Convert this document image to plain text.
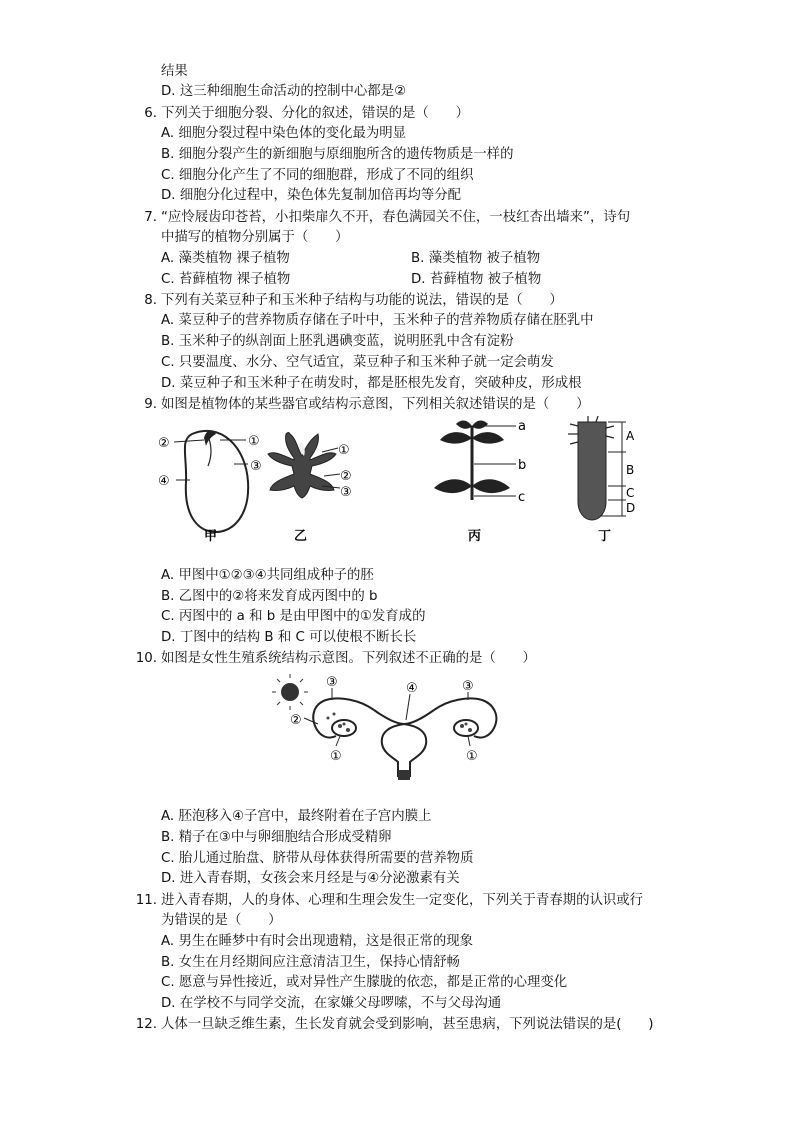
结果
D. 这三种细胞生命活动的控制中心都是②
6. 下列关于细胞分裂、分化的叙述，错误的是（　　）
A. 细胞分裂过程中染色体的变化最为明显
B. 细胞分裂产生的新细胞与原细胞所含的遗传物质是一样的
C. 细胞分化产生了不同的细胞群，形成了不同的组织
D. 细胞分化过程中，染色体先复制加倍再均等分配
7. “应怜屐齿印苍苔，小扣柴扉久不开，春色满园关不住，一枝红杏出墙来”，诗句
中描写的植物分别属于（　　）
A. 藻类植物 裸子植物	B. 藻类植物 被子植物
C. 苔藓植物 裸子植物	D. 苔藓植物 被子植物
8. 下列有关菜豆种子和玉米种子结构与功能的说法，错误的是（　　）
A. 菜豆种子的营养物质存储在子叶中，玉米种子的营养物质存储在胚乳中
B. 玉米种子的纵剖面上胚乳遇碘变蓝，说明胚乳中含有淀粉
C. 只要温度、水分、空气适宜，菜豆种子和玉米种子就一定会萌发
D. 菜豆种子和玉米种子在萌发时，都是胚根先发育，突破种皮，形成根
9. 如图是植物体的某些器官或结构示意图，下列相关叙述错误的是（　　）
②	①
③
④
甲
①
②
③
乙
a
b
c
丙
A
B
C
D
丁
A. 甲图中①②③④共同组成种子的胚
B. 乙图中的②将来发育成丙图中的 b
C. 丙图中的 a 和 b 是由甲图中的①发育成的
D. 丁图中的结构 B 和 C 可以使根不断长长
10. 如图是女性生殖系统结构示意图。下列叙述不正确的是（　　）
③	④	③
②
①	①
A. 胚泡移入④子宫中，最终附着在子宫内膜上
B. 精子在③中与卵细胞结合形成受精卵
C. 胎儿通过胎盘、脐带从母体获得所需要的营养物质
D. 进入青春期，女孩会来月经是与④分泌激素有关
11. 进入青春期，人的身体、心理和生理会发生一定变化，下列关于青春期的认识或行
为错误的是（　　）
A. 男生在睡梦中有时会出现遗精，这是很正常的现象
B. 女生在月经期间应注意清洁卫生，保持心情舒畅
C. 愿意与异性接近，或对异性产生朦胧的依恋，都是正常的心理变化
D. 在学校不与同学交流，在家嫌父母啰嗦，不与父母沟通
12. 人体一旦缺乏维生素，生长发育就会受到影响，甚至患病，下列说法错误的是(　　)
